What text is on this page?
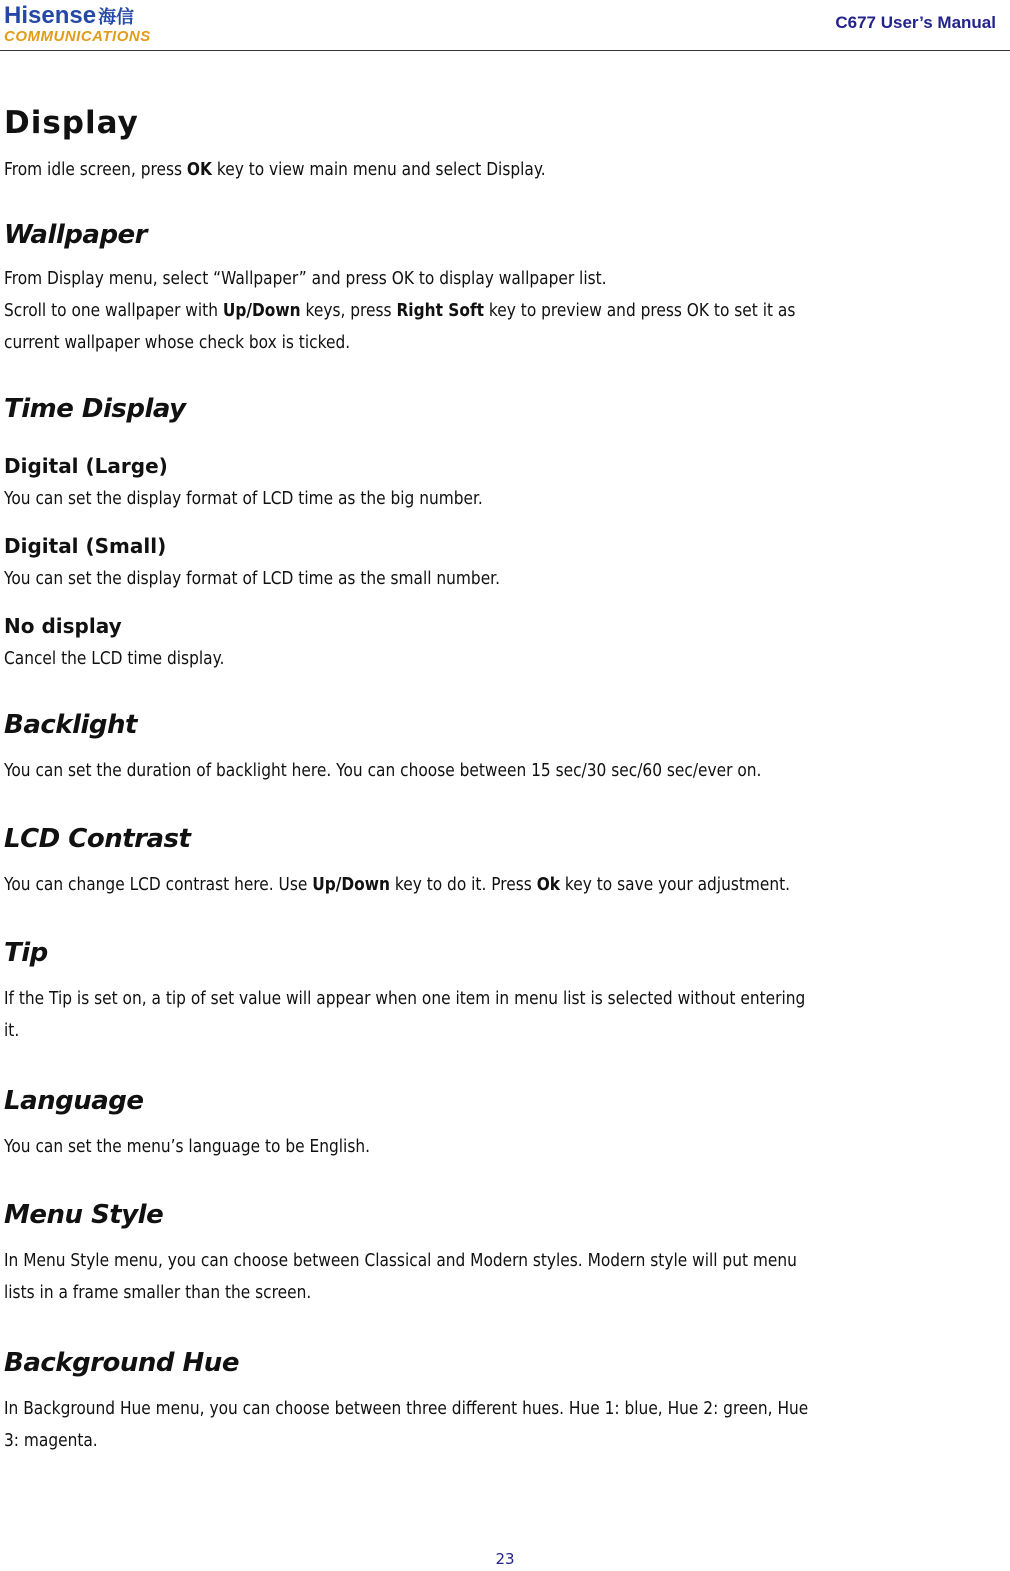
Hisense 海信
COMMUNICATIONS
C677 User’s Manual
Display

From idle screen, press OK key to view main menu and select Display.

Wallpaper

From Display menu, select “Wallpaper” and press OK to display wallpaper list.

Scroll to one wallpaper with Up/Down keys, press Right Soft key to preview and press OK to set it as

current wallpaper whose check box is ticked.

Time Display
Digital (Large)

You can set the display format of LCD time as the big number.

Digital (Small)

You can set the display format of LCD time as the small number.

No display

Cancel the LCD time display.

Backlight

You can set the duration of backlight here. You can choose between 15 sec/30 sec/60 sec/ever on.

LCD Contrast

You can change LCD contrast here. Use Up/Down key to do it. Press Ok key to save your adjustment.

Tip

If the Tip is set on, a tip of set value will appear when one item in menu list is selected without entering

it.

Language

You can set the menu’s language to be English.

Menu Style

In Menu Style menu, you can choose between Classical and Modern styles. Modern style will put menu

lists in a frame smaller than the screen.

Background Hue

In Background Hue menu, you can choose between three different hues. Hue 1: blue, Hue 2: green, Hue

3: magenta.

23
